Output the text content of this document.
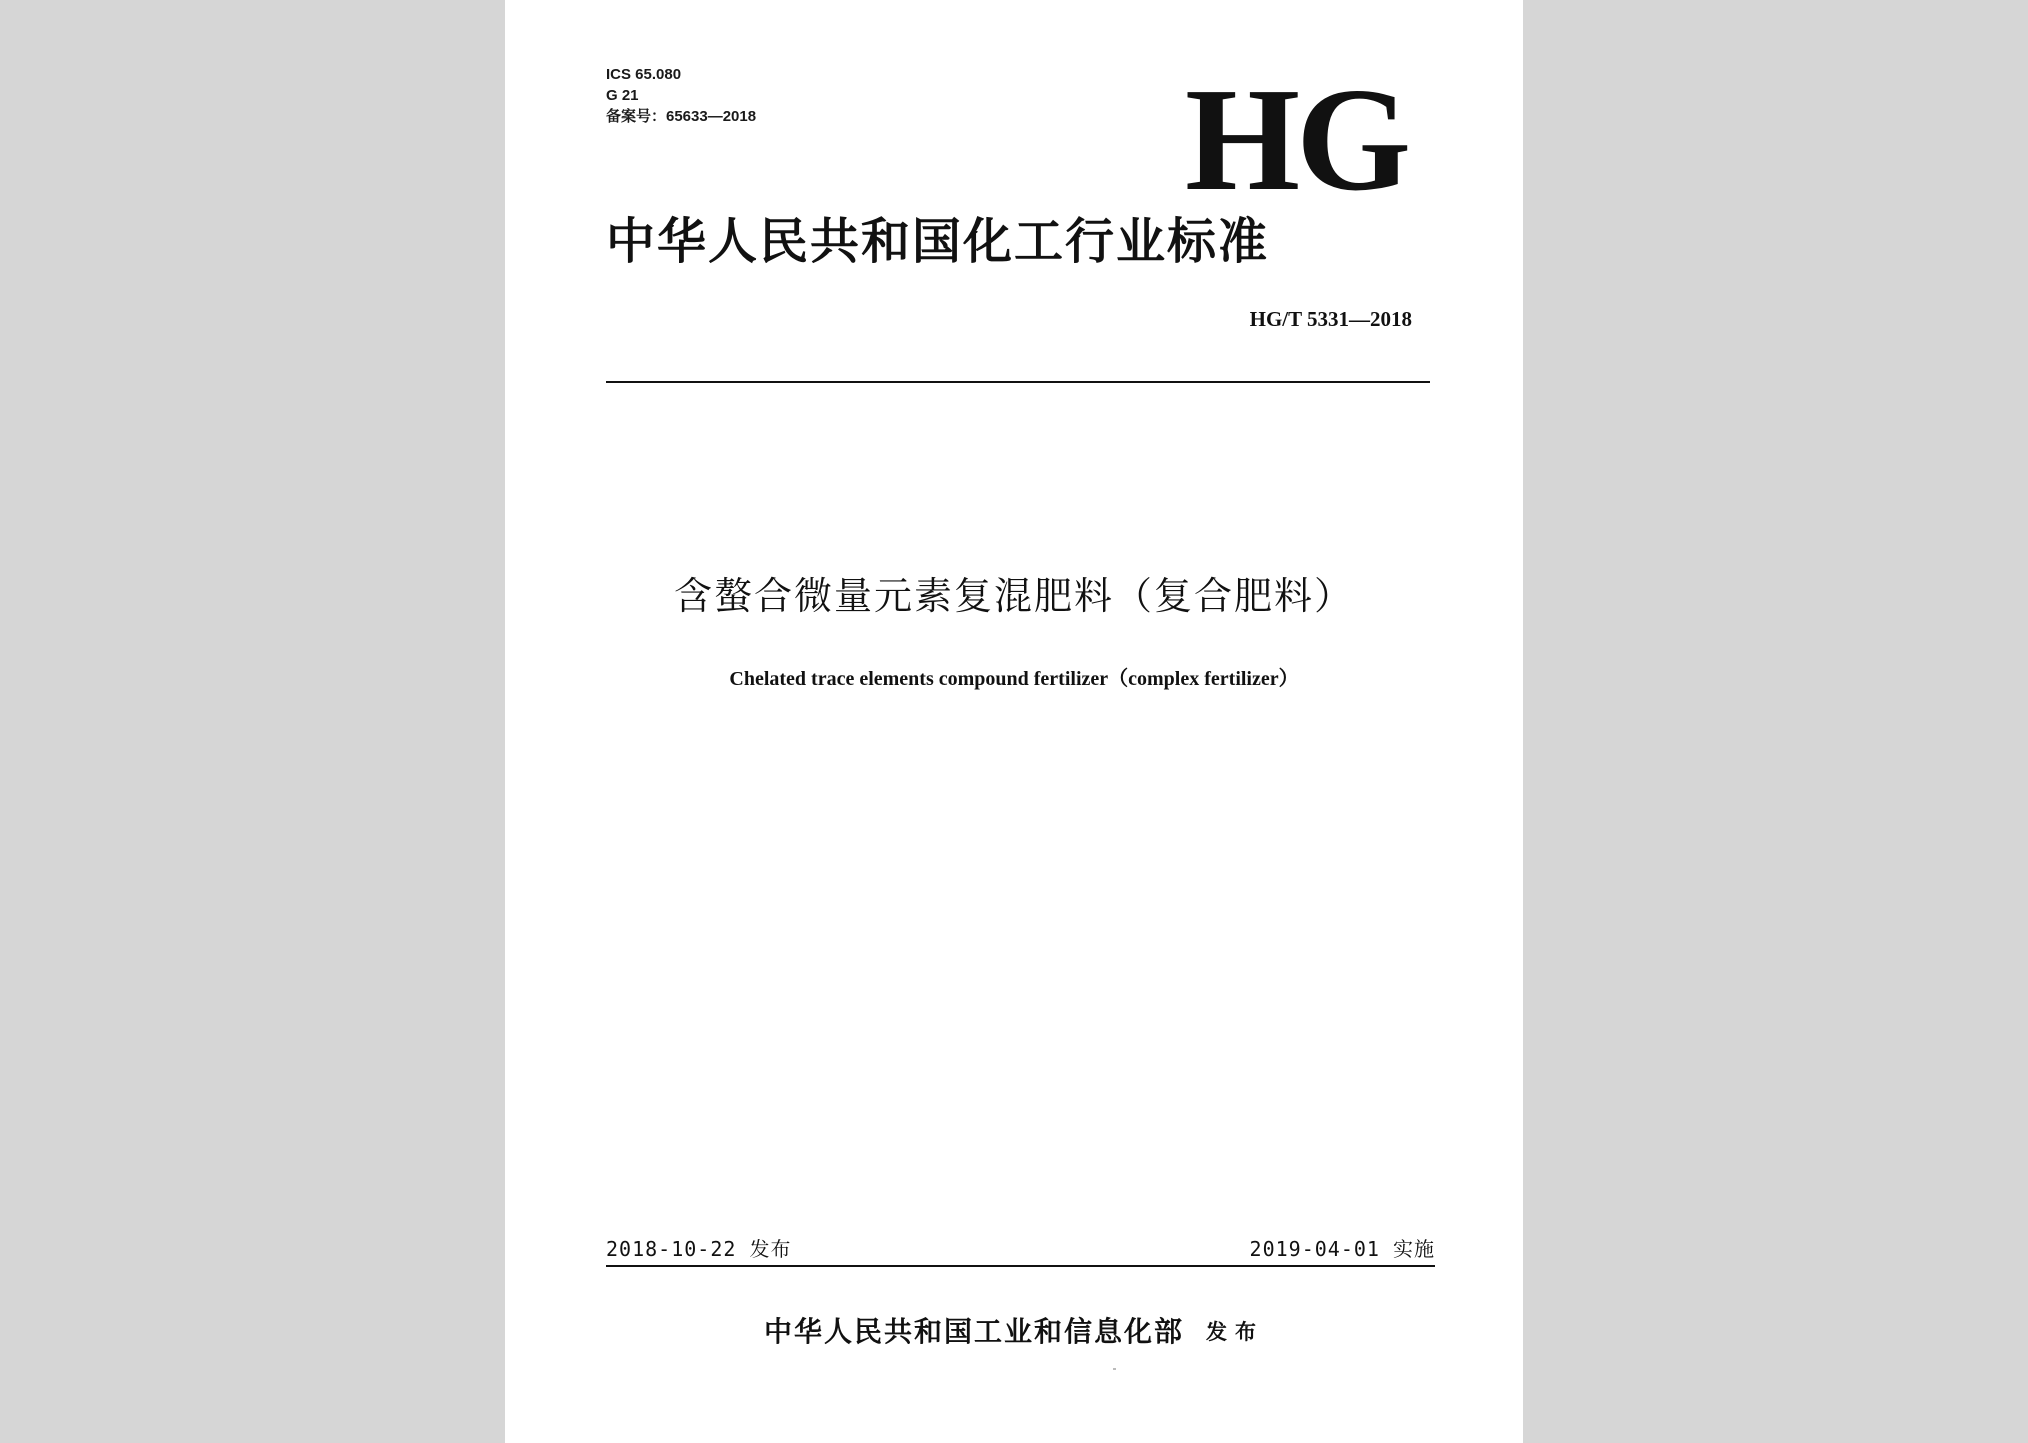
ICS 65.080
G 21
备案号：65633—2018	HG
中华人民共和国化工行业标准
HG/T 5331—2018
含螯合微量元素复混肥料（复合肥料）
Chelated trace elements compound fertilizer（complex fertilizer）
2018-10-22 发布	2019-04-01 实施
中华人民共和国工业和信息化部 发布
